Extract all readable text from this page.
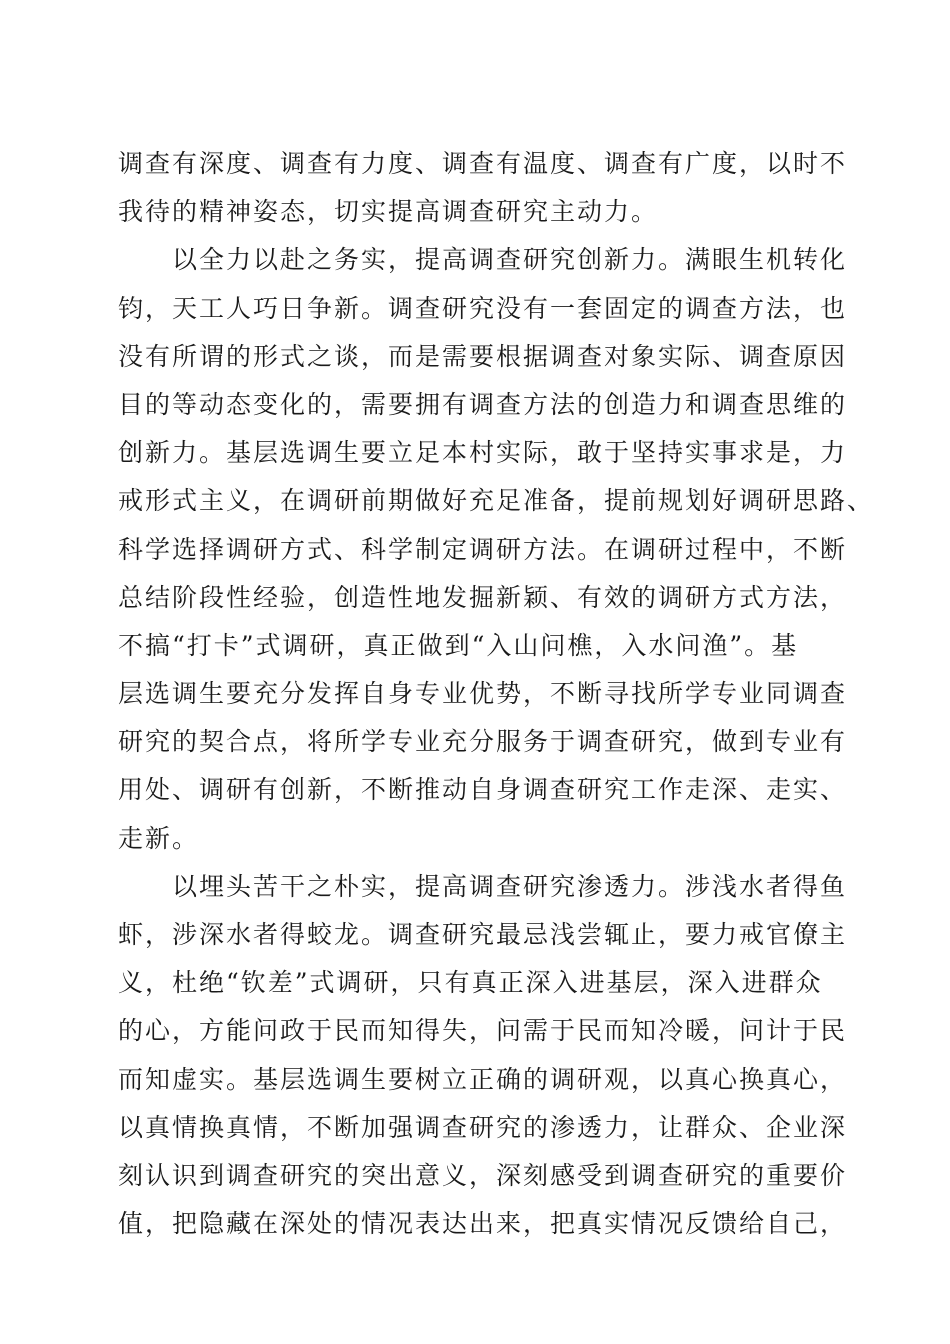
调查有深度、调查有力度、调查有温度、调查有广度，以时不
我待的精神姿态，切实提高调查研究主动力。
　　以全力以赴之务实，提高调查研究创新力。满眼生机转化
钧，天工人巧日争新。调查研究没有一套固定的调查方法，也
没有所谓的形式之谈，而是需要根据调查对象实际、调查原因
目的等动态变化的，需要拥有调查方法的创造力和调查思维的
创新力。基层选调生要立足本村实际，敢于坚持实事求是，力
戒形式主义，在调研前期做好充足准备，提前规划好调研思路、
科学选择调研方式、科学制定调研方法。在调研过程中，不断
总结阶段性经验，创造性地发掘新颖、有效的调研方式方法，
不搞“打卡”式调研，真正做到“入山问樵，入水问渔”。基
层选调生要充分发挥自身专业优势，不断寻找所学专业同调查
研究的契合点，将所学专业充分服务于调查研究，做到专业有
用处、调研有创新，不断推动自身调查研究工作走深、走实、
走新。
　　以埋头苦干之朴实，提高调查研究渗透力。涉浅水者得鱼
虾，涉深水者得蛟龙。调查研究最忌浅尝辄止，要力戒官僚主
义，杜绝“钦差”式调研，只有真正深入进基层，深入进群众
的心，方能问政于民而知得失，问需于民而知冷暖，问计于民
而知虚实。基层选调生要树立正确的调研观，以真心换真心，
以真情换真情，不断加强调查研究的渗透力，让群众、企业深
刻认识到调查研究的突出意义，深刻感受到调查研究的重要价
值，把隐藏在深处的情况表达出来，把真实情况反馈给自己，
